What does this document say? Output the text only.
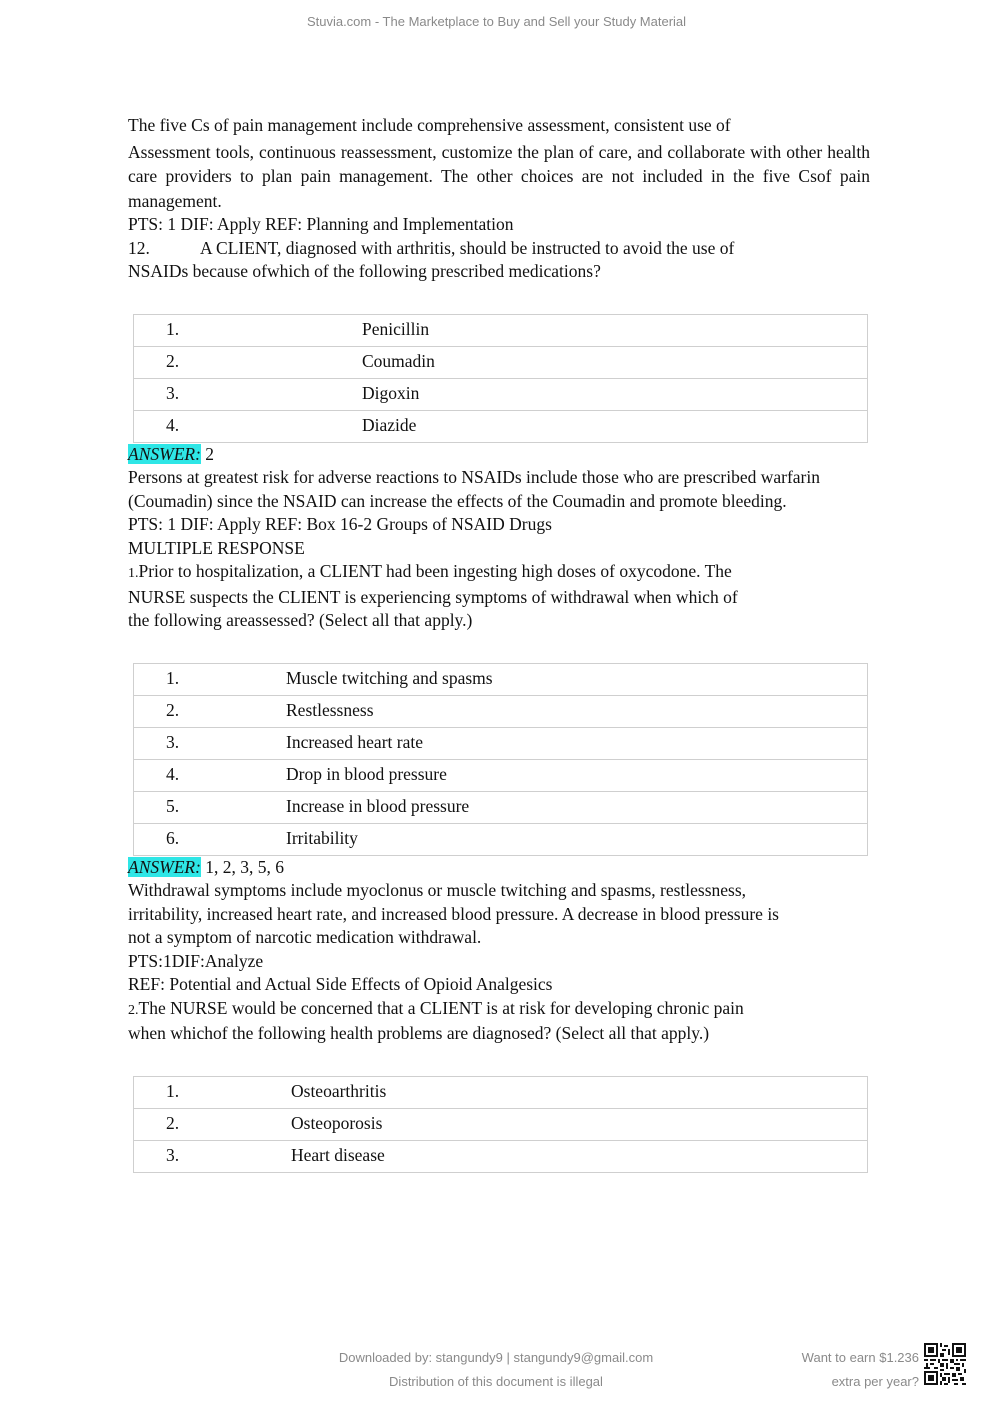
Stuvia.com - The Marketplace to Buy and Sell your Study Material

The five Cs of pain management include comprehensive assessment, consistent use of

Assessment tools, continuous reassessment, customize the plan of care, and collaborate with other health care providers to plan pain management. The other choices are not included in the five Csof pain management.

PTS: 1 DIF: Apply REF: Planning and Implementation

12.	A CLIENT, diagnosed with arthritis, should be instructed to avoid the use of

NSAIDs because ofwhich of the following prescribed medications?

1.	Penicillin
2.	Coumadin
3.	Digoxin
4.	Diazide

ANSWER: 2

Persons at greatest risk for adverse reactions to NSAIDs include those who are prescribed warfarin (Coumadin) since the NSAID can increase the effects of the Coumadin and promote bleeding.

PTS: 1 DIF: Apply REF: Box 16-2 Groups of NSAID Drugs

MULTIPLE RESPONSE

1.Prior to hospitalization, a CLIENT had been ingesting high doses of oxycodone. The

NURSE suspects the CLIENT is experiencing symptoms of withdrawal when which of

the following areassessed? (Select all that apply.)

1.	Muscle twitching and spasms
2.	Restlessness
3.	Increased heart rate
4.	Drop in blood pressure
5.	Increase in blood pressure
6.	Irritability

ANSWER: 1, 2, 3, 5, 6

Withdrawal symptoms include myoclonus or muscle twitching and spasms, restlessness,

irritability, increased heart rate, and increased blood pressure. A decrease in blood pressure is

not a symptom of narcotic medication withdrawal.

PTS:1DIF:Analyze

REF: Potential and Actual Side Effects of Opioid Analgesics

2.The NURSE would be concerned that a CLIENT is at risk for developing chronic pain

when whichof the following health problems are diagnosed? (Select all that apply.)

1.	Osteoarthritis
2.	Osteoporosis
3.	Heart disease
Downloaded by: stangundy9 | stangundy9@gmail.com
Distribution of this document is illegal
Want to earn $1.236
extra per year?
